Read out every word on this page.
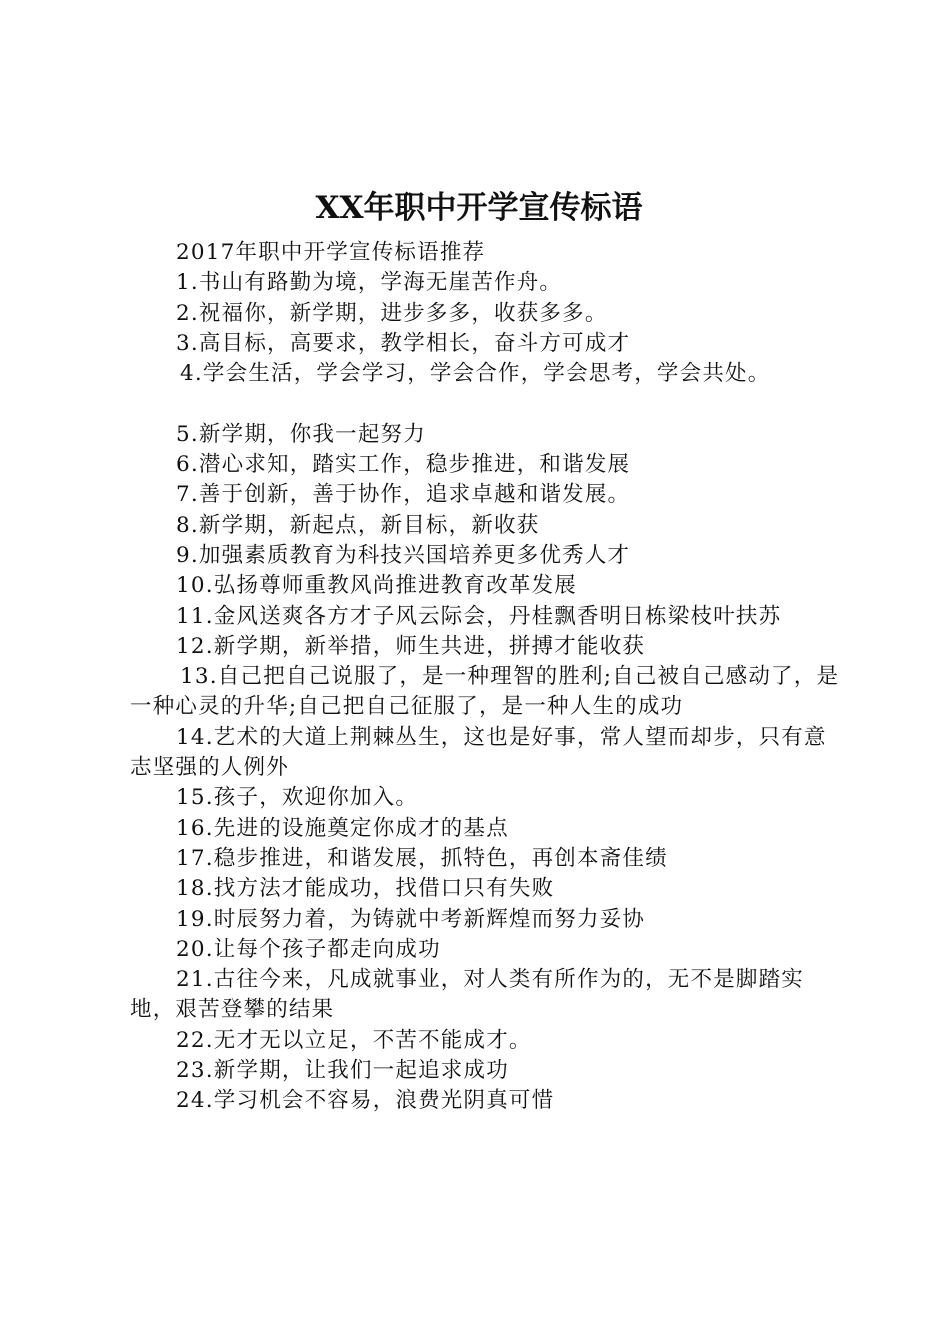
XX年职中开学宣传标语

2017年职中开学宣传标语推荐

1.书山有路勤为境，学海无崖苦作舟。

2.祝福你，新学期，进步多多，收获多多。

3.高目标，高要求，教学相长，奋斗方可成才

4.学会生活，学会学习，学会合作，学会思考，学会共处。

5.新学期，你我一起努力

6.潜心求知，踏实工作，稳步推进，和谐发展

7.善于创新，善于协作，追求卓越和谐发展。

8.新学期，新起点，新目标，新收获

9.加强素质教育为科技兴国培养更多优秀人才

10.弘扬尊师重教风尚推进教育改革发展

11.金风送爽各方才子风云际会，丹桂飘香明日栋梁枝叶扶苏

12.新学期，新举措，师生共进，拼搏才能收获

13.自己把自己说服了，是一种理智的胜利;自己被自己感动了，是一种心灵的升华;自己把自己征服了，是一种人生的成功

14.艺术的大道上荆棘丛生，这也是好事，常人望而却步，只有意志坚强的人例外

15.孩子，欢迎你加入。

16.先进的设施奠定你成才的基点

17.稳步推进，和谐发展，抓特色，再创本斋佳绩

18.找方法才能成功，找借口只有失败

19.时辰努力着，为铸就中考新辉煌而努力妥协

20.让每个孩子都走向成功

21.古往今来，凡成就事业，对人类有所作为的，无不是脚踏实地，艰苦登攀的结果

22.无才无以立足，不苦不能成才。

23.新学期，让我们一起追求成功

24.学习机会不容易，浪费光阴真可惜
